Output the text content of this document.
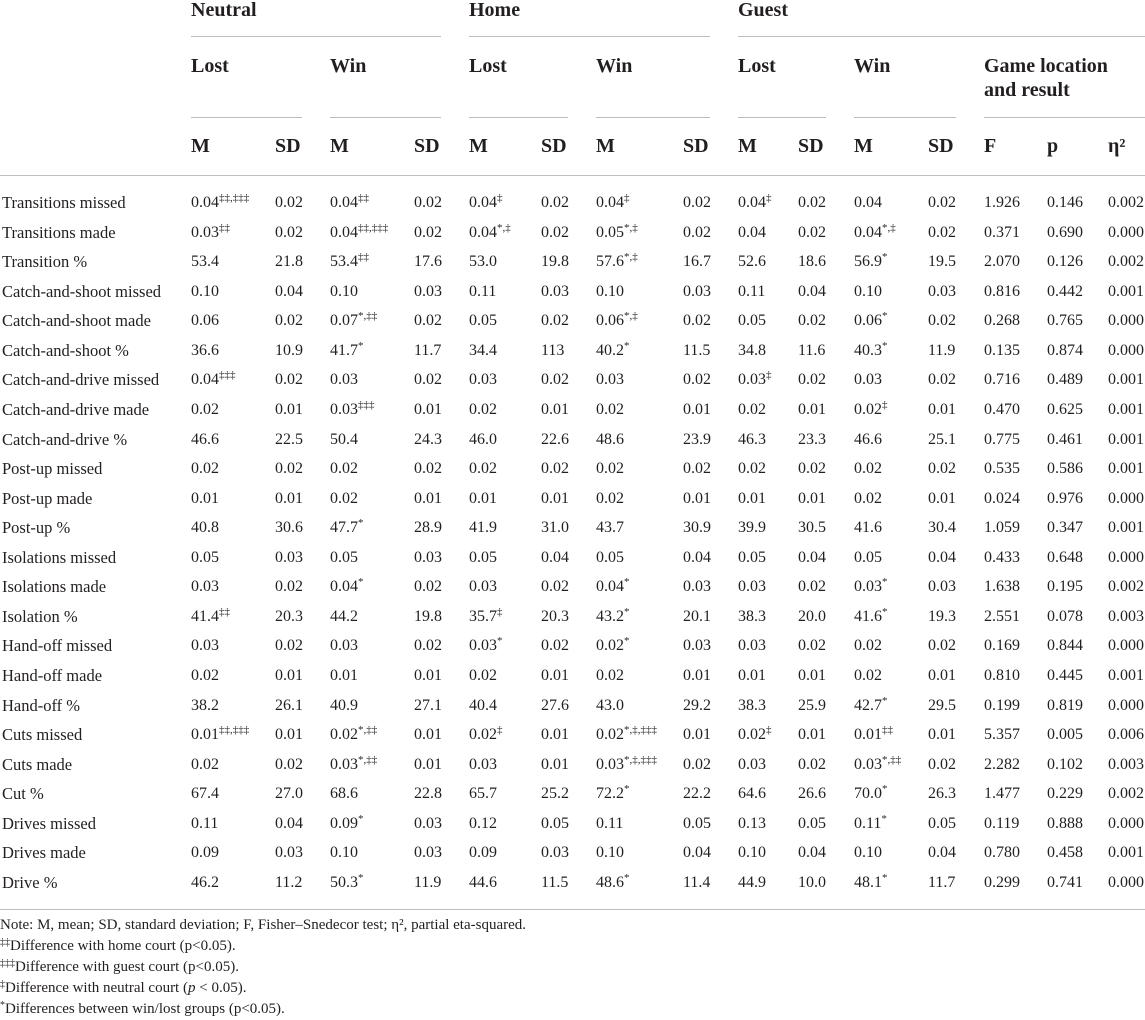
Neutral	Home	Guest
Lost	Win	Lost	Win	Lost	Win	Game location and result
M	SD	M	SD	M	SD	M	SD	M	SD	M	SD	F	p	η²
Transitions missed	0.04‡‡,‡‡‡	0.02	0.04‡‡	0.02	0.04‡	0.02	0.04‡	0.02	0.04‡	0.02	0.04	0.02	1.926	0.146	0.002
Transitions made	0.03‡‡	0.02	0.04‡‡,‡‡‡	0.02	0.04*,‡	0.02	0.05*,‡	0.02	0.04	0.02	0.04*,‡	0.02	0.371	0.690	0.000
Transition %	53.4	21.8	53.4‡‡	17.6	53.0	19.8	57.6*,‡	16.7	52.6	18.6	56.9*	19.5	2.070	0.126	0.002
Catch-and-shoot missed	0.10	0.04	0.10	0.03	0.11	0.03	0.10	0.03	0.11	0.04	0.10	0.03	0.816	0.442	0.001
Catch-and-shoot made	0.06	0.02	0.07*,‡‡	0.02	0.05	0.02	0.06*,‡	0.02	0.05	0.02	0.06*	0.02	0.268	0.765	0.000
Catch-and-shoot %	36.6	10.9	41.7*	11.7	34.4	113	40.2*	11.5	34.8	11.6	40.3*	11.9	0.135	0.874	0.000
Catch-and-drive missed	0.04‡‡‡	0.02	0.03	0.02	0.03	0.02	0.03	0.02	0.03‡	0.02	0.03	0.02	0.716	0.489	0.001
Catch-and-drive made	0.02	0.01	0.03‡‡‡	0.01	0.02	0.01	0.02	0.01	0.02	0.01	0.02‡	0.01	0.470	0.625	0.001
Catch-and-drive %	46.6	22.5	50.4	24.3	46.0	22.6	48.6	23.9	46.3	23.3	46.6	25.1	0.775	0.461	0.001
Post-up missed	0.02	0.02	0.02	0.02	0.02	0.02	0.02	0.02	0.02	0.02	0.02	0.02	0.535	0.586	0.001
Post-up made	0.01	0.01	0.02	0.01	0.01	0.01	0.02	0.01	0.01	0.01	0.02	0.01	0.024	0.976	0.000
Post-up %	40.8	30.6	47.7*	28.9	41.9	31.0	43.7	30.9	39.9	30.5	41.6	30.4	1.059	0.347	0.001
Isolations missed	0.05	0.03	0.05	0.03	0.05	0.04	0.05	0.04	0.05	0.04	0.05	0.04	0.433	0.648	0.000
Isolations made	0.03	0.02	0.04*	0.02	0.03	0.02	0.04*	0.03	0.03	0.02	0.03*	0.03	1.638	0.195	0.002
Isolation %	41.4‡‡	20.3	44.2	19.8	35.7‡	20.3	43.2*	20.1	38.3	20.0	41.6*	19.3	2.551	0.078	0.003
Hand-off missed	0.03	0.02	0.03	0.02	0.03*	0.02	0.02*	0.03	0.03	0.02	0.02	0.02	0.169	0.844	0.000
Hand-off made	0.02	0.01	0.01	0.01	0.02	0.01	0.02	0.01	0.01	0.01	0.02	0.01	0.810	0.445	0.001
Hand-off %	38.2	26.1	40.9	27.1	40.4	27.6	43.0	29.2	38.3	25.9	42.7*	29.5	0.199	0.819	0.000
Cuts missed	0.01‡‡,‡‡‡	0.01	0.02*,‡‡	0.01	0.02‡	0.01	0.02*,‡,‡‡‡	0.01	0.02‡	0.01	0.01‡‡	0.01	5.357	0.005	0.006
Cuts made	0.02	0.02	0.03*,‡‡	0.01	0.03	0.01	0.03*,‡,‡‡‡	0.02	0.03	0.02	0.03*,‡‡	0.02	2.282	0.102	0.003
Cut %	67.4	27.0	68.6	22.8	65.7	25.2	72.2*	22.2	64.6	26.6	70.0*	26.3	1.477	0.229	0.002
Drives missed	0.11	0.04	0.09*	0.03	0.12	0.05	0.11	0.05	0.13	0.05	0.11*	0.05	0.119	0.888	0.000
Drives made	0.09	0.03	0.10	0.03	0.09	0.03	0.10	0.04	0.10	0.04	0.10	0.04	0.780	0.458	0.001
Drive %	46.2	11.2	50.3*	11.9	44.6	11.5	48.6*	11.4	44.9	10.0	48.1*	11.7	0.299	0.741	0.000
Note: M, mean; SD, standard deviation; F, Fisher–Snedecor test; η², partial eta-squared.
‡‡Difference with home court (p<0.05).
‡‡‡Difference with guest court (p<0.05).
‡Difference with neutral court (p < 0.05).
*Differences between win/lost groups (p<0.05).
